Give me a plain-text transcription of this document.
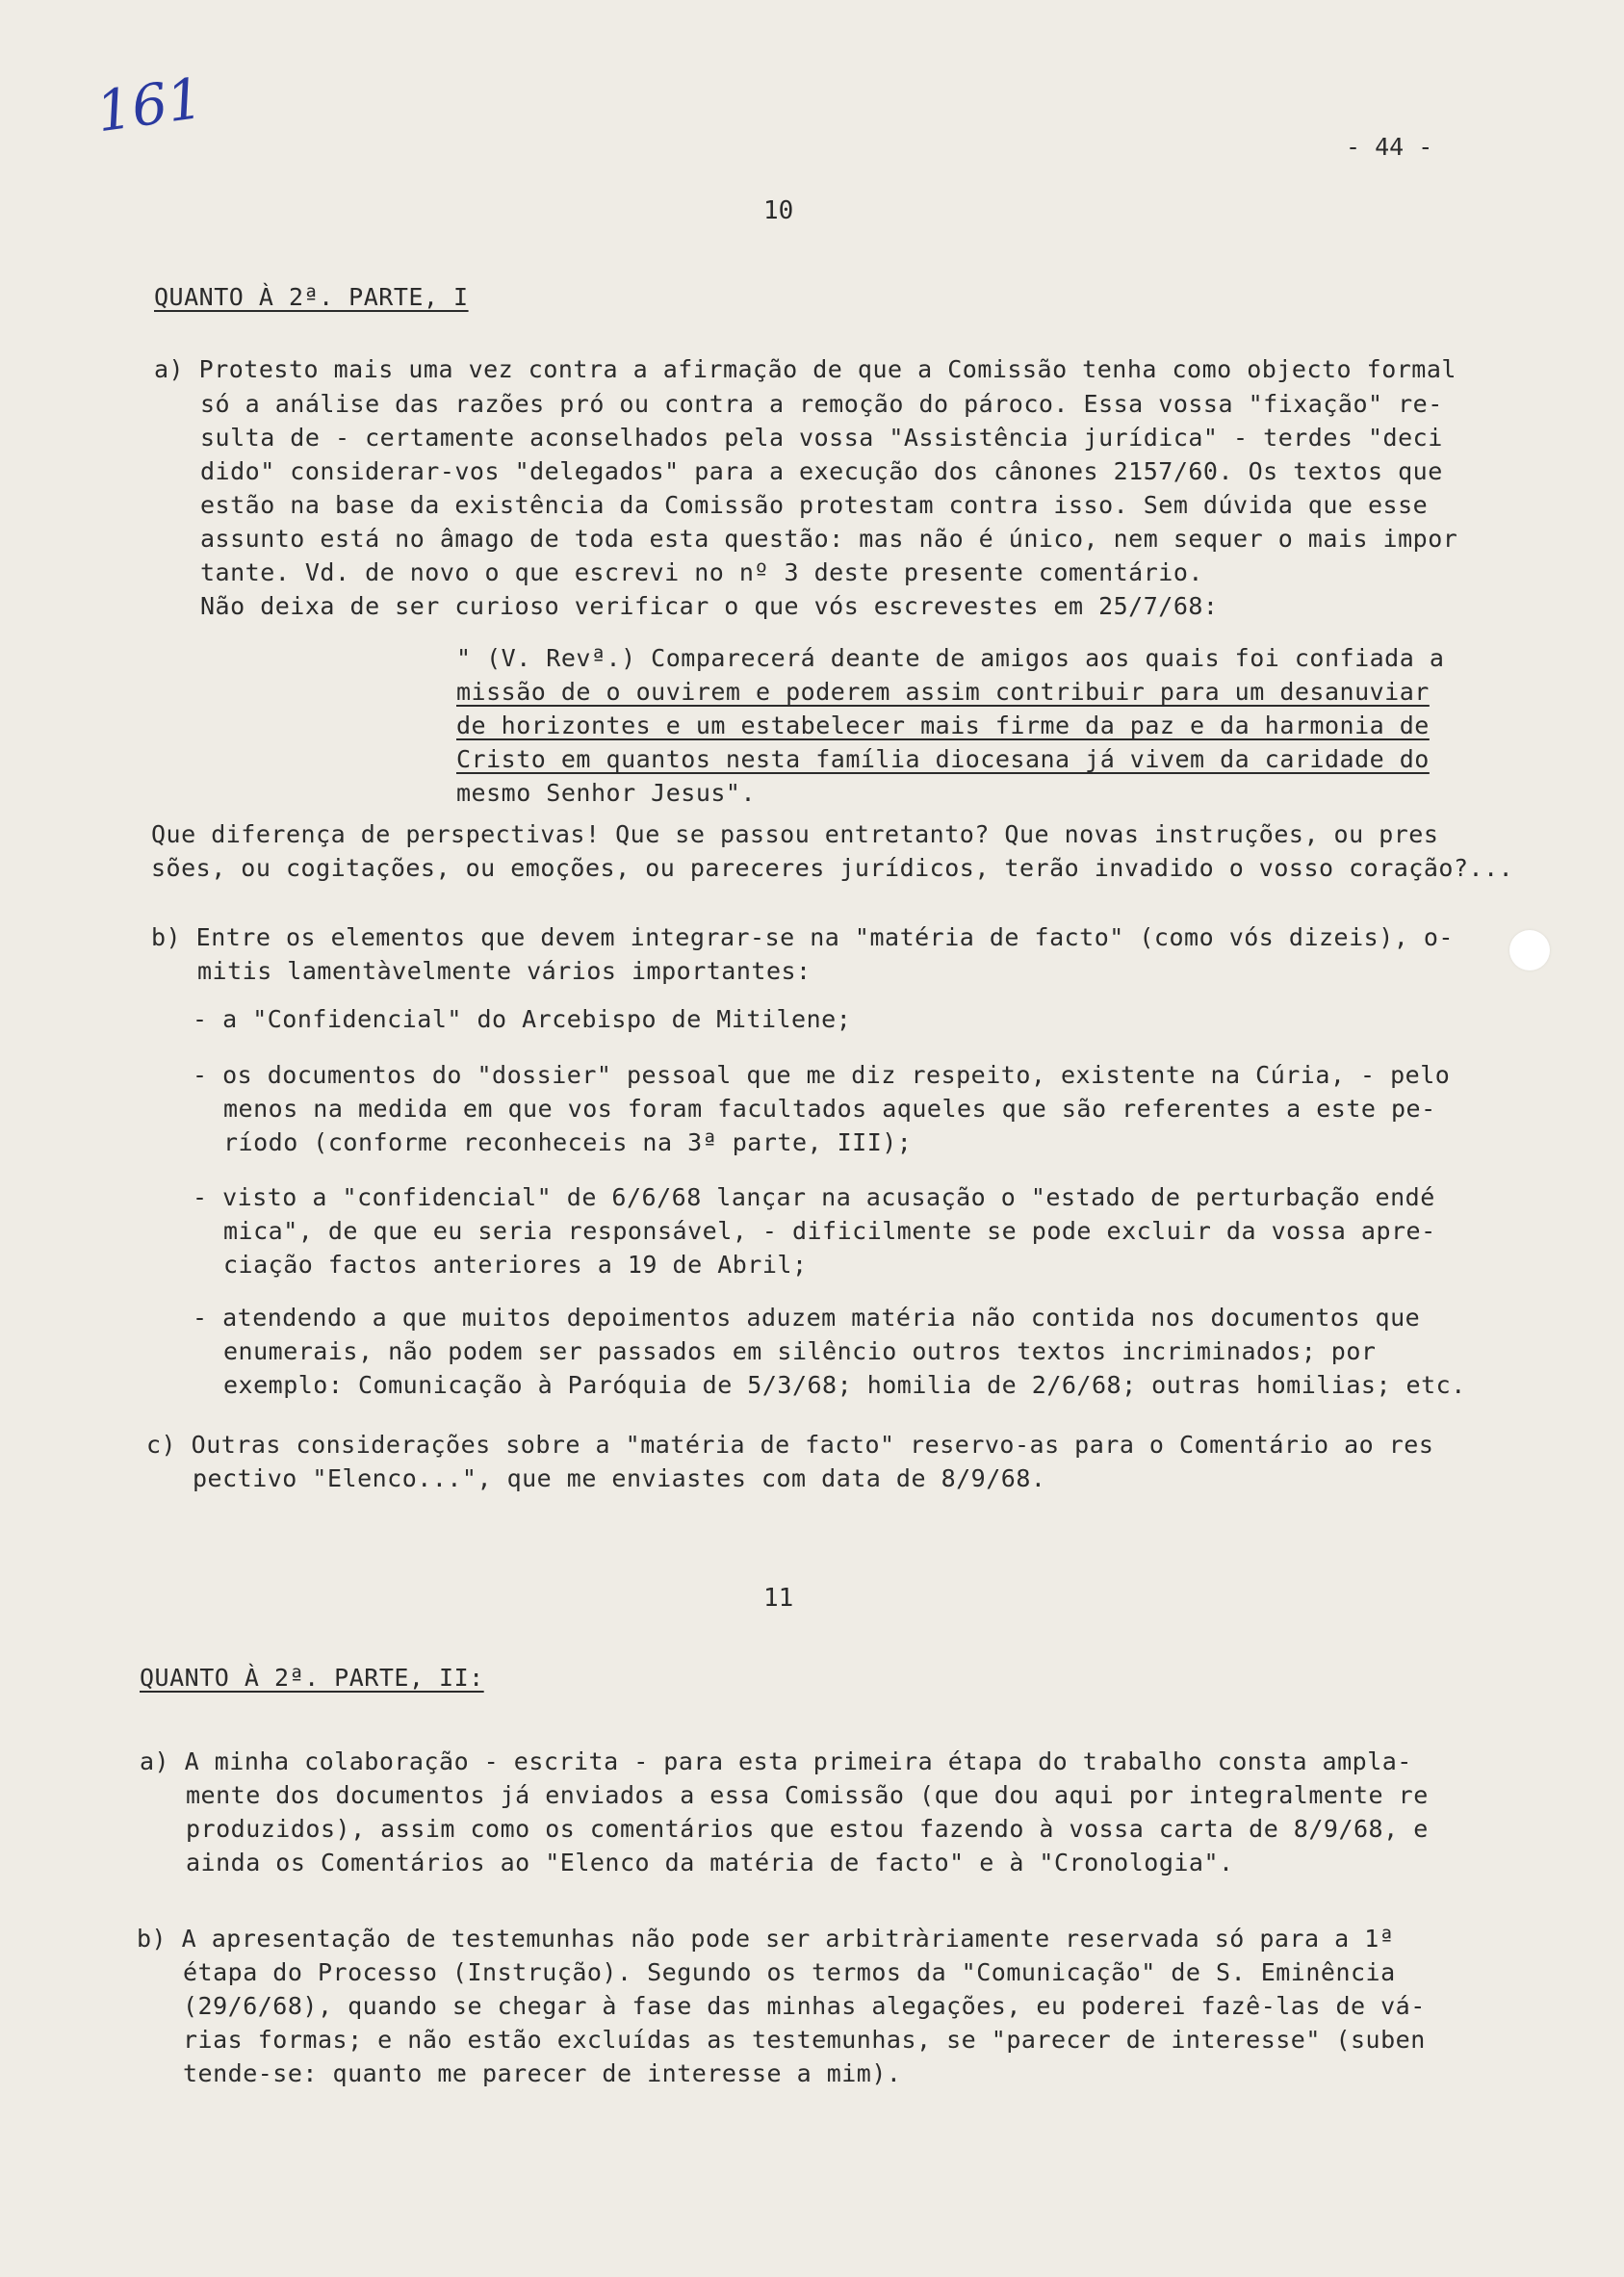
161
- 44 -
10
QUANTO À 2ª. PARTE, I
a) Protesto mais uma vez contra a afirmação de que a Comissão tenha como objecto formal
só a análise das razões pró ou contra a remoção do pároco. Essa vossa "fixação" re-
sulta de - certamente aconselhados pela vossa "Assistência jurídica" - terdes "deci
dido" considerar-vos "delegados" para a execução dos cânones 2157/60. Os textos que
estão na base da existência da Comissão protestam contra isso. Sem dúvida que esse
assunto está no âmago de toda esta questão: mas não é único, nem sequer o mais impor
tante. Vd. de novo o que escrevi no nº 3 deste presente comentário.
Não deixa de ser curioso verificar o que vós escrevestes em 25/7/68:
" (V. Revª.) Comparecerá deante de amigos aos quais foi confiada a
missão de o ouvirem e poderem assim contribuir para um desanuviar
de horizontes e um estabelecer mais firme da paz e da harmonia de
Cristo em quantos nesta família diocesana já vivem da caridade do
mesmo Senhor Jesus".
Que diferença de perspectivas! Que se passou entretanto? Que novas instruções, ou pres
sões, ou cogitações, ou emoções, ou pareceres jurídicos, terão invadido o vosso coração?...
b) Entre os elementos que devem integrar-se na "matéria de facto" (como vós dizeis), o-
mitis lamentàvelmente vários importantes:
- a "Confidencial" do Arcebispo de Mitilene;
- os documentos do "dossier" pessoal que me diz respeito, existente na Cúria, - pelo
menos na medida em que vos foram facultados aqueles que são referentes a este pe-
ríodo (conforme reconheceis na 3ª parte, III);
- visto a "confidencial" de 6/6/68 lançar na acusação o "estado de perturbação endé
mica", de que eu seria responsável, - dificilmente se pode excluir da vossa apre-
ciação factos anteriores a 19 de Abril;
- atendendo a que muitos depoimentos aduzem matéria não contida nos documentos que
enumerais, não podem ser passados em silêncio outros textos incriminados; por
exemplo: Comunicação à Paróquia de 5/3/68; homilia de 2/6/68; outras homilias; etc.
c) Outras considerações sobre a "matéria de facto" reservo-as para o Comentário ao res
pectivo "Elenco...", que me enviastes com data de 8/9/68.
11
QUANTO À 2ª. PARTE, II:
a) A minha colaboração - escrita - para esta primeira étapa do trabalho consta ampla-
mente dos documentos já enviados a essa Comissão (que dou aqui por integralmente re
produzidos), assim como os comentários que estou fazendo à vossa carta de 8/9/68, e
ainda os Comentários ao "Elenco da matéria de facto" e à "Cronologia".
b) A apresentação de testemunhas não pode ser arbitràriamente reservada só para a 1ª
étapa do Processo (Instrução). Segundo os termos da "Comunicação" de S. Eminência
(29/6/68), quando se chegar à fase das minhas alegações, eu poderei fazê-las de vá-
rias formas; e não estão excluídas as testemunhas, se "parecer de interesse" (suben
tende-se: quanto me parecer de interesse a mim).
